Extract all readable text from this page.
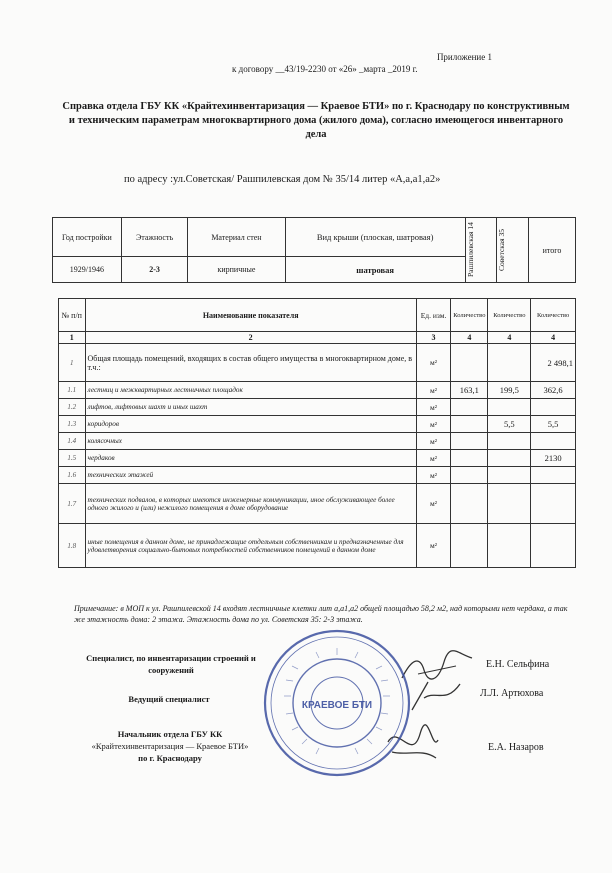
Приложение 1
к договору __43/19-2230 от «26» _марта _2019 г.
Справка отдела ГБУ КК «Крайтехинвентаризация — Краевое БТИ» по г. Краснодару по конструктивным и техническим параметрам многоквартирного дома (жилого дома), согласно имеющегося инвентарного дела
по адресу :ул.Советская/ Рашпилевская дом № 35/14 литер «А,а,а1,а2»
Год постройки	Этажность	Материал стен	Вид крыши (плоская, шатровая)	Рашпилевская 14	Советская 35	итого
1929/1946	2-3	кирпичные	шатровая
№ п/п	Наименование показателя	Ед. изм.	Количество	Количество	Количество
1	2	3	4	4	4
1	Общая площадь помещений, входящих в состав общего имущества в многоквартирном доме, в т.ч.:	м²			2 498,1
1.1	лестниц и межквартирных лестничных площадок	м²	163,1	199,5	362,6
1.2	лифтов, лифтовых шахт и иных шахт	м²			
1.3	коридоров	м²		5,5	5,5
1.4	колясочных	м²			
1.5	чердаков	м²			2130
1.6	технических этажей	м²			
1.7	технических подвалов, в которых имеются инженерные коммуникации, иное обслуживающее более одного жилого и (или) нежилого помещения в доме оборудование	м²			
1.8	иные помещения в данном доме, не принадлежащие отдельным собственникам и предназначенные для удовлетворения социально-бытовых потребностей собственников помещений в данном доме	м²			
Примечание: в МОП к ул. Рашпилевской 14 входят лестничные клетки лит а,а1,а2 общей площадью 58,2 м2, над которыми нет чердака, а так же этажность дома: 2 этажа. Этажность дома по ул. Советская 35: 2-3 этажа.
Специалист, по инвентаризации строений и сооружений
Ведущий специалист
Начальник отдела ГБУ КК
«Крайтехинвентаризация — Краевое БТИ»
по г. Краснодару
Е.Н. Сельфина
Л.Л. Артюхова
Е.А. Назаров
КРАЕВОЕ БТИ
